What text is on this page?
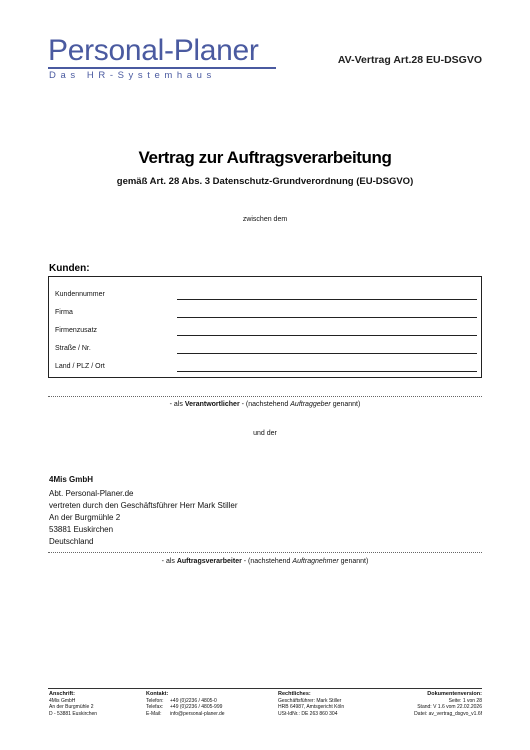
Personal-Planer
Das HR-Systemhaus
AV-Vertrag Art.28 EU-DSGVO
Vertrag zur Auftragsverarbeitung
gemäß Art. 28 Abs. 3 Datenschutz-Grundverordnung (EU-DSGVO)
zwischen dem
Kunden:
Kundennummer
Firma
Firmenzusatz
Straße / Nr.
Land / PLZ / Ort
- als Verantwortlicher - (nachstehend Auftraggeber genannt)
und der
4Mis GmbH
Abt. Personal-Planer.de
vertreten durch den Geschäftsführer Herr Mark Stiller
An der Burgmühle 2
53881 Euskirchen
Deutschland
- als Auftragsverarbeiter - (nachstehend Auftragnehmer genannt)
Anschrift:
4Mis GmbH
An der Burgmühle 2
D - 53881 Euskirchen
Kontakt:
Telefon:	+49 (0)2236 / 4805-0
Telefax:	+49 (0)2236 / 4805-999
E-Mail:	info@personal-planer.de
Rechtliches:
Geschäftsführer: Mark Stiller
HRB 64987, Amtsgericht Köln
USt-IdNr.: DE 263 860 304
Dokumentenversion:
Seite: 1 von 28
Stand: V 1.6 vom 22.02.2026
Datei: av_vertrag_dsgvo_v1.6f
